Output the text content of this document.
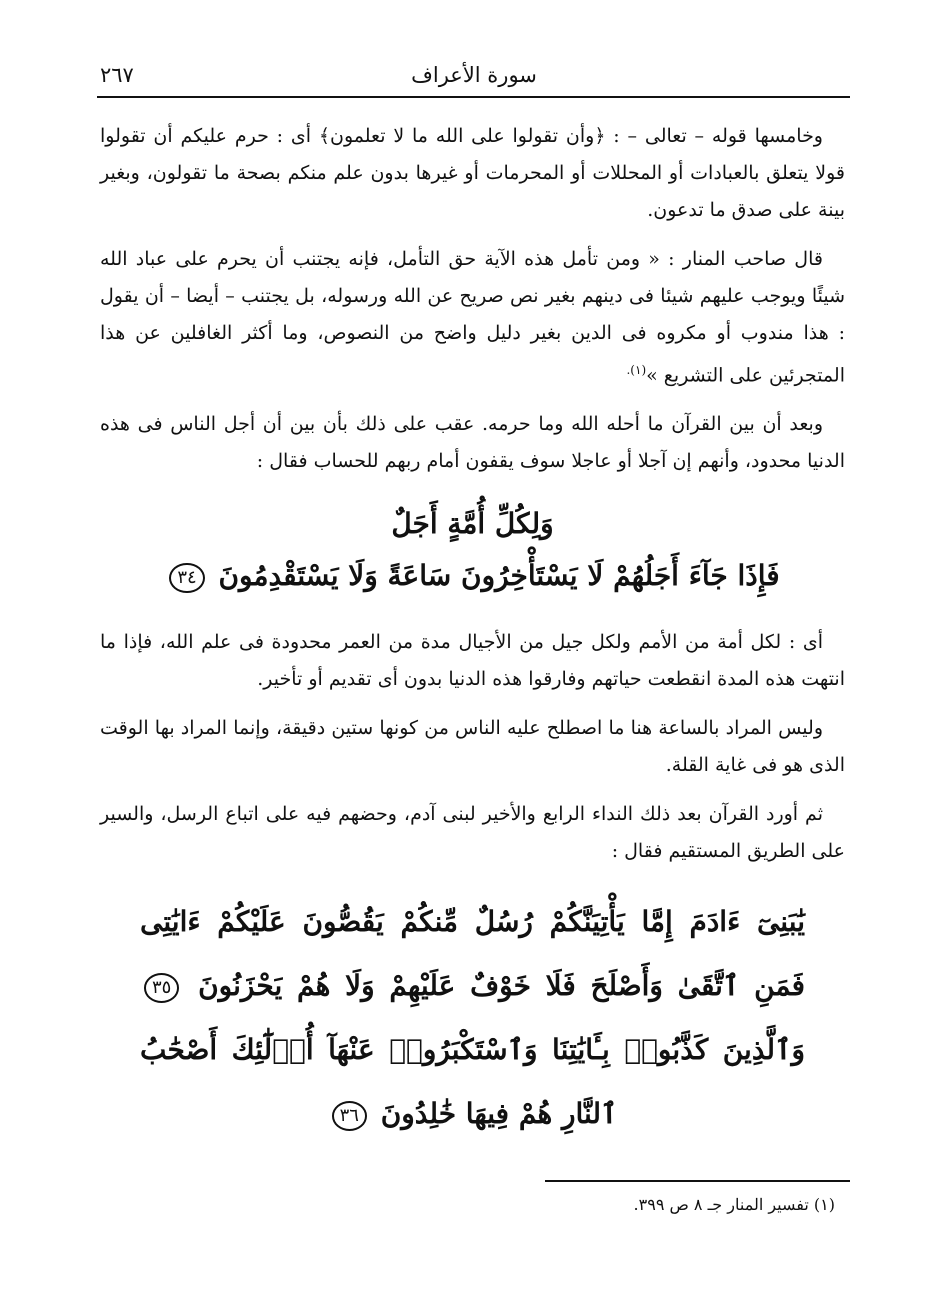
سورة الأعراف
٢٦٧

وخامسها قوله – تعالى – : ﴿وأن تقولوا على الله ما لا تعلمون﴾ أى : حرم عليكم أن تقولوا قولا يتعلق بالعبادات أو المحللات أو المحرمات أو غيرها بدون علم منكم بصحة ما تقولون، وبغير بينة على صدق ما تدعون.

قال صاحب المنار : « ومن تأمل هذه الآية حق التأمل، فإنه يجتنب أن يحرم على عباد الله شيئًا ويوجب عليهم شيئا فى دينهم بغير نص صريح عن الله ورسوله، بل يجتنب – أيضا – أن يقول : هذا مندوب أو مكروه فى الدين بغير دليل واضح من النصوص، وما أكثر الغافلين عن هذا المتجرئين على التشريع »$^{(١).}$

وبعد أن بين القرآن ما أحله الله وما حرمه. عقب على ذلك بأن بين أن أجل الناس فى هذه الدنيا محدود، وأنهم إن آجلا أو عاجلا سوف يقفون أمام ربهم للحساب فقال :

وَلِكُلِّ أُمَّةٍ أَجَلٌ
فَإِذَا جَآءَ أَجَلُهُمْ لَا يَسْتَأْخِرُونَ سَاعَةً وَلَا يَسْتَقْدِمُونَ ٣٤

أى : لكل أمة من الأمم ولكل جيل من الأجيال مدة من العمر محدودة فى علم الله، فإذا ما انتهت هذه المدة انقطعت حياتهم وفارقوا هذه الدنيا بدون أى تقديم أو تأخير.

وليس المراد بالساعة هنا ما اصطلح عليه الناس من كونها ستين دقيقة، وإنما المراد بها الوقت الذى هو فى غاية القلة.

ثم أورد القرآن بعد ذلك النداء الرابع والأخير لبنى آدم، وحضهم فيه على اتباع الرسل، والسير على الطريق المستقيم فقال :

يَٰبَنِىٓ ءَادَمَ إِمَّا يَأْتِيَنَّكُمْ رُسُلٌ مِّنكُمْ يَقُصُّونَ عَلَيْكُمْ ءَايَٰتِى فَمَنِ ٱتَّقَىٰ وَأَصْلَحَ فَلَا خَوْفٌ عَلَيْهِمْ وَلَا هُمْ يَحْزَنُونَ ٣٥ وَٱلَّذِينَ كَذَّبُوا۟ بِـَٔايَٰتِنَا وَٱسْتَكْبَرُوا۟ عَنْهَآ أُو۟لَٰٓئِكَ أَصْحَٰبُ ٱلنَّارِ هُمْ فِيهَا خَٰلِدُونَ ٣٦
(١) تفسير المنار جـ ٨ ص ٣٩٩.
